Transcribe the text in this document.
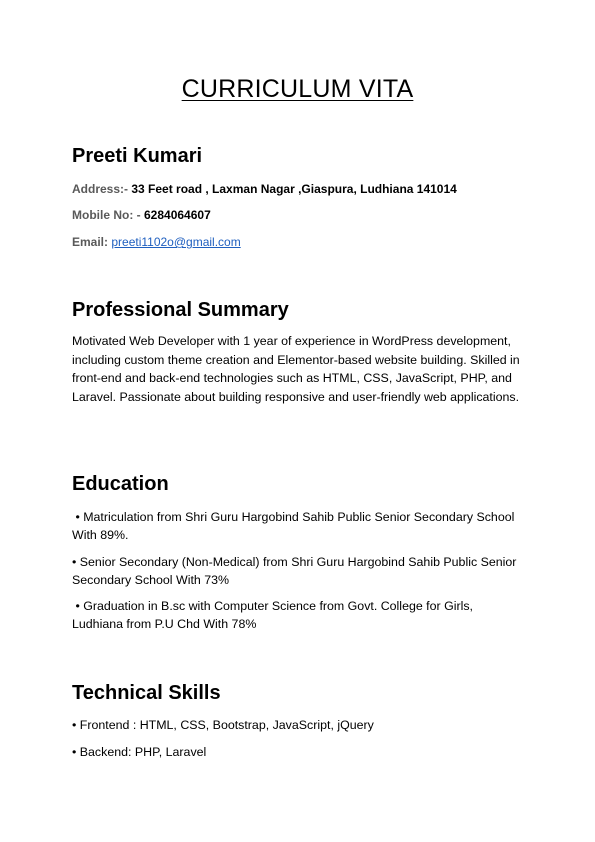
CURRICULUM VITA
Preeti Kumari
Address:- 33 Feet road , Laxman Nagar ,Giaspura, Ludhiana 141014
Mobile No: - 6284064607
Email: preeti1102o@gmail.com
Professional Summary
Motivated Web Developer with 1 year of experience in WordPress development, including custom theme creation and Elementor-based website building. Skilled in front-end and back-end technologies such as HTML, CSS, JavaScript, PHP, and Laravel. Passionate about building responsive and user-friendly web applications.
Education
• Matriculation from Shri Guru Hargobind Sahib Public Senior Secondary School With 89%.
• Senior Secondary (Non-Medical) from Shri Guru Hargobind Sahib Public Senior Secondary School With 73%
• Graduation in B.sc with Computer Science from Govt. College for Girls, Ludhiana from P.U Chd With 78%
Technical Skills
• Frontend : HTML, CSS, Bootstrap, JavaScript, jQuery
• Backend: PHP, Laravel
